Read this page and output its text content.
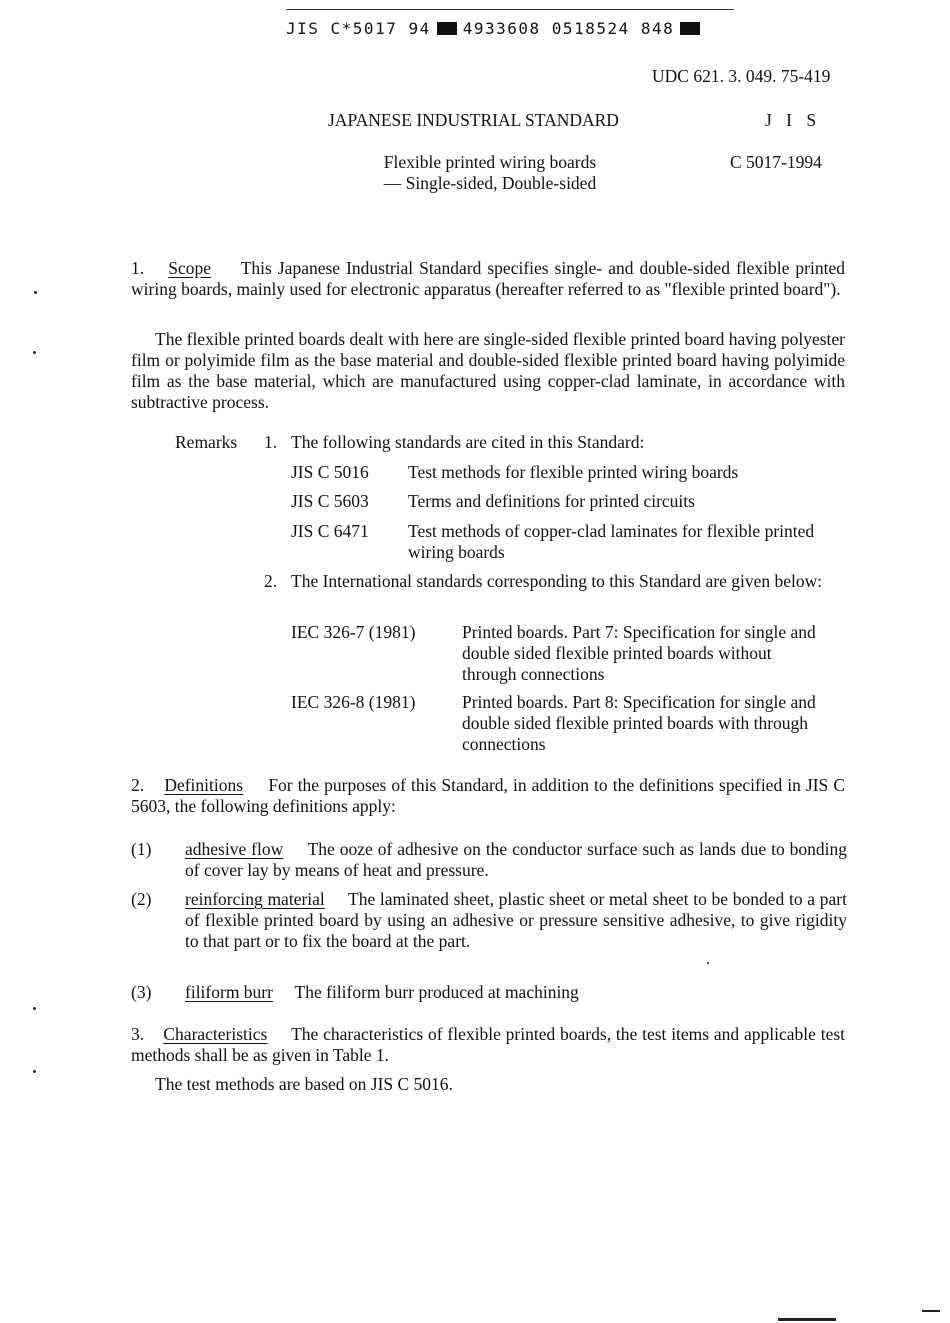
JIS C*5017 94 4933608 0518524 848
UDC 621. 3. 049. 75-419
JAPANESE INDUSTRIAL STANDARD	J I S
Flexible printed wiring boards
— Single-sided, Double-sided
C 5017-1994
1. Scope This Japanese Industrial Standard specifies single- and double-sided flexible printed wiring boards, mainly used for electronic apparatus (hereafter referred to as "flexible printed board").
The flexible printed boards dealt with here are single-sided flexible printed board having polyester film or polyimide film as the base material and double-sided flexible printed board having polyimide film as the base material, which are manufactured using copper-clad laminate, in accordance with subtractive process.
Remarks 1. The following standards are cited in this Standard:
JIS C 5016 Test methods for flexible printed wiring boards
JIS C 5603 Terms and definitions for printed circuits
JIS C 6471 Test methods of copper-clad laminates for flexible printed wiring boards
2. The International standards corresponding to this Standard are given below:
IEC 326-7 (1981)	Printed boards. Part 7: Specification for single and double sided flexible printed boards without through connections
IEC 326-8 (1981)	Printed boards. Part 8: Specification for single and double sided flexible printed boards with through connections
2. Definitions For the purposes of this Standard, in addition to the definitions specified in JIS C 5603, the following definitions apply:
(1) adhesive flow The ooze of adhesive on the conductor surface such as lands due to bonding of cover lay by means of heat and pressure.
(2) reinforcing material The laminated sheet, plastic sheet or metal sheet to be bonded to a part of flexible printed board by using an adhesive or pressure sensitive adhesive, to give rigidity to that part or to fix the board at the part.
(3) filiform burr The filiform burr produced at machining
3. Characteristics The characteristics of flexible printed boards, the test items and applicable test methods shall be as given in Table 1.
The test methods are based on JIS C 5016.
